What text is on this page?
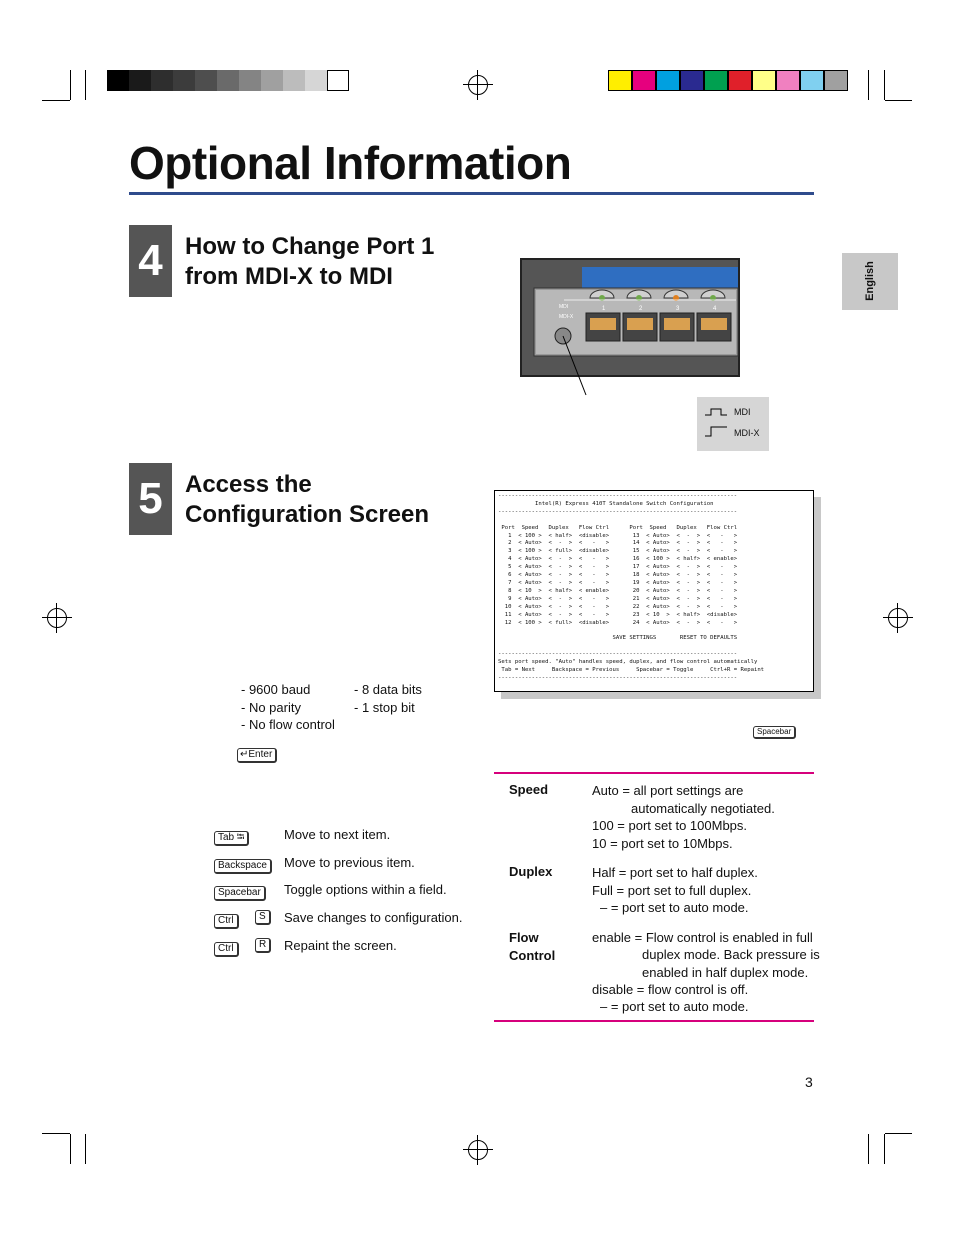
Optional Information
English
4 How to Change Port 1
from MDI-X to MDI
1	2	3	4
MDI
MDI-X
MDI
MDI-X
5 Access the
Configuration Screen
-----------------------------------------------------------------------
Intel(R) Express 410T Standalone Switch Configuration
-----------------------------------------------------------------------

Port  Speed   Duplex   Flow Ctrl      Port  Speed   Duplex   Flow Ctrl
1  < 100 >  < half>  <disable>       13  < Auto>  <  -  >  <   -   >
2  < Auto>  <  -  >  <   -   >       14  < Auto>  <  -  >  <   -   >
3  < 100 >  < full>  <disable>       15  < Auto>  <  -  >  <   -   >
4  < Auto>  <  -  >  <   -   >       16  < 100 >  < half>  < enable>
5  < Auto>  <  -  >  <   -   >       17  < Auto>  <  -  >  <   -   >
6  < Auto>  <  -  >  <   -   >       18  < Auto>  <  -  >  <   -   >
7  < Auto>  <  -  >  <   -   >       19  < Auto>  <  -  >  <   -   >
8  < 10  >  < half>  < enable>       20  < Auto>  <  -  >  <   -   >
9  < Auto>  <  -  >  <   -   >       21  < Auto>  <  -  >  <   -   >
10  < Auto>  <  -  >  <   -   >       22  < Auto>  <  -  >  <   -   >
11  < Auto>  <  -  >  <   -   >       23  < 10  >  < half>  <disable>
12  < 100 >  < full>  <disable>       24  < Auto>  <  -  >  <   -   >

SAVE SETTINGS       RESET TO DEFAULTS

-----------------------------------------------------------------------
Sets port speed. "Auto" handles speed, duplex, and flow control automatically
Tab = Next     Backspace = Previous     Spacebar = Toggle     Ctrl+R = Repaint
-----------------------------------------------------------------------
- 9600 baud
- No parity
- No flow control
- 8 data bits
- 1 stop bit
↵Enter
Spacebar
Tab ⭾	Move to next item.
Backspace Move to previous item.
Spacebar Toggle options within a field.
Ctrl	S	Save changes to configuration.
Ctrl	R	Repaint the screen.
Speed	Auto = all port settings are
automatically negotiated.
100 = port set to 100Mbps.
10 = port set to 10Mbps.
Duplex	Half = port set to half duplex.
Full = port set to full duplex.
– = port set to auto mode.
Flow
Control
enable = Flow control is enabled in full
duplex mode. Back pressure is
enabled in half duplex mode.
disable = flow control is off.
– = port set to auto mode.
3
